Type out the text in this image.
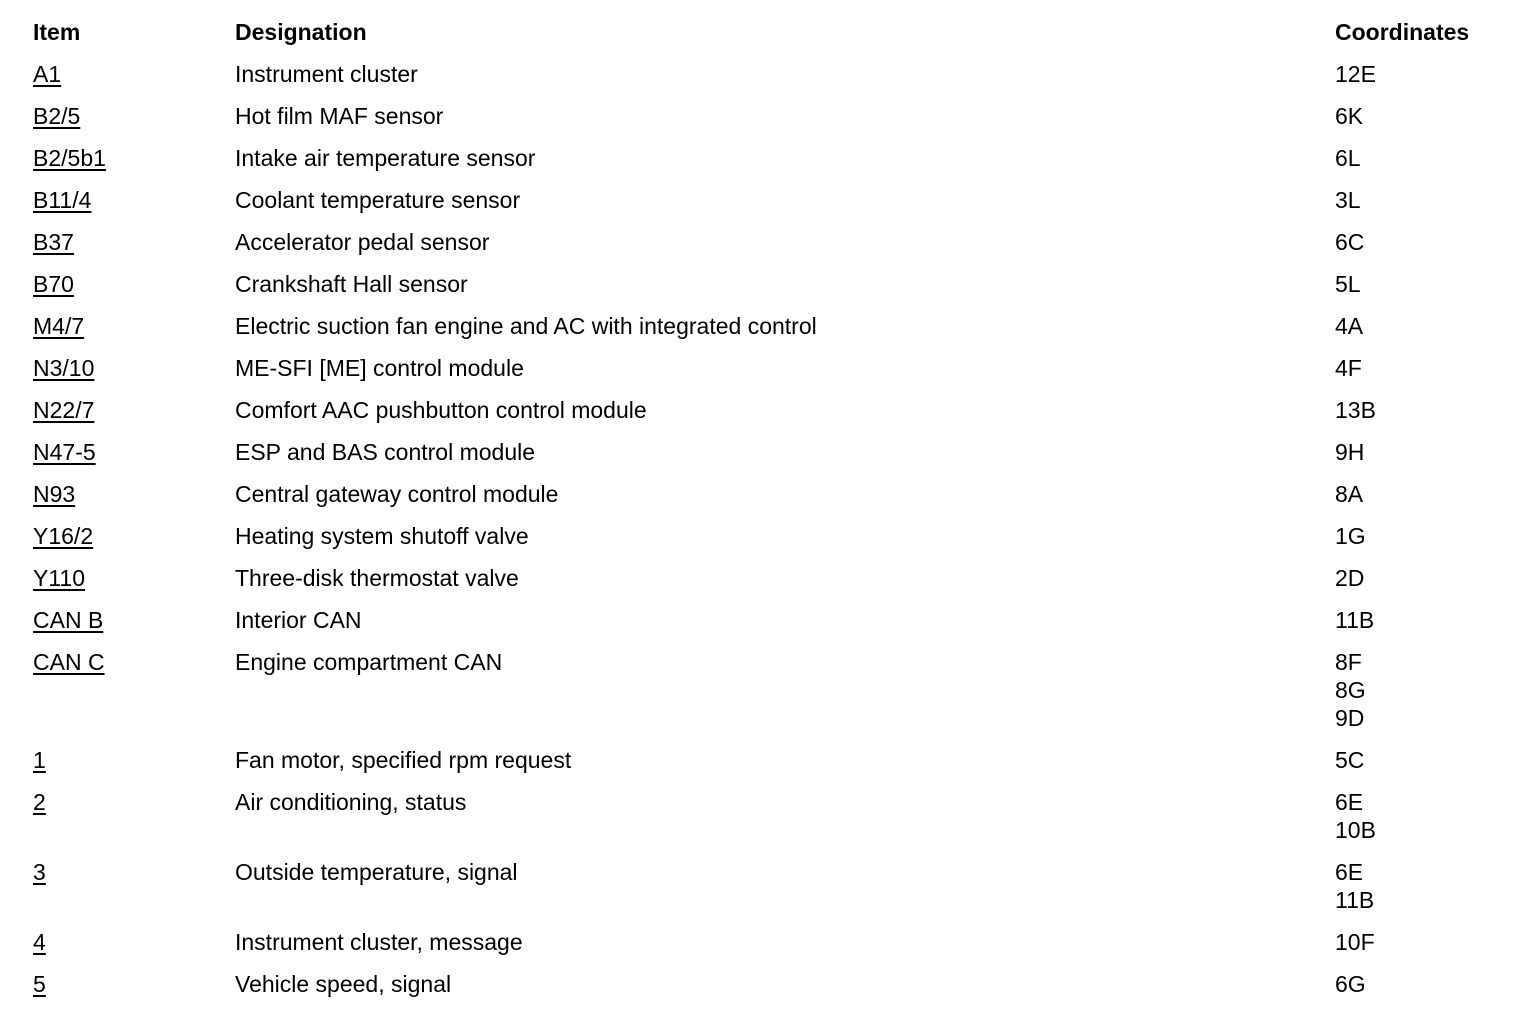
Item	Designation	Coordinates
A1	Instrument cluster	12E

B2/5	Hot film MAF sensor	6K

B2/5b1	Intake air temperature sensor	6L

B11/4	Coolant temperature sensor	3L

B37	Accelerator pedal sensor	6C

B70	Crankshaft Hall sensor	5L

M4/7	Electric suction fan engine and AC with integrated control	4A

N3/10	ME-SFI [ME] control module	4F

N22/7	Comfort AAC pushbutton control module	13B

N47-5	ESP and BAS control module	9H

N93	Central gateway control module	8A

Y16/2	Heating system shutoff valve	1G

Y110	Three-disk thermostat valve	2D

CAN B	Interior CAN	11B

CAN C	Engine compartment CAN	8F
8G
9D

1	Fan motor, specified rpm request	5C

2	Air conditioning, status	6E
10B

3	Outside temperature, signal	6E
11B

4	Instrument cluster, message	10F

5	Vehicle speed, signal	6G
